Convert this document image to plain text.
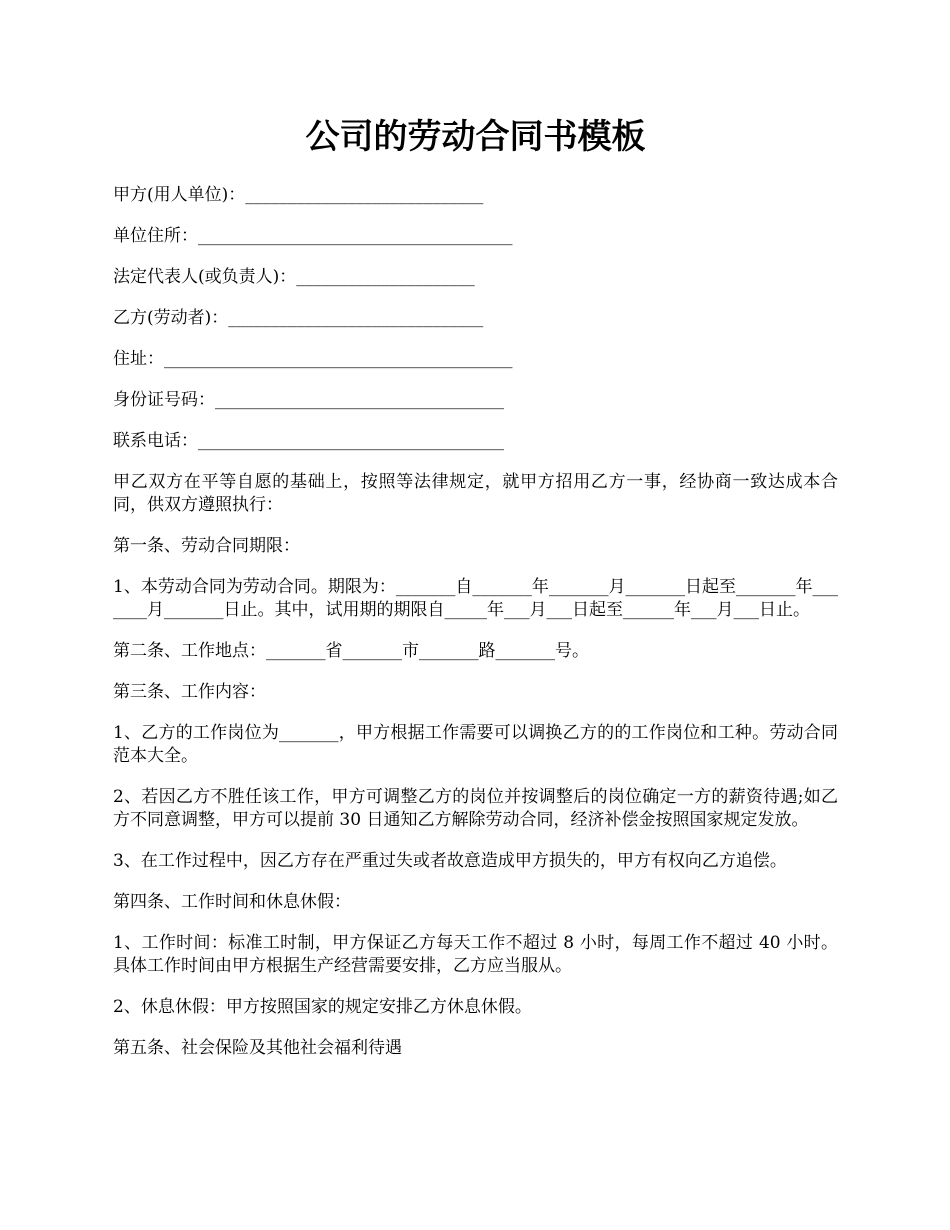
公司的劳动合同书模板
甲方(用人单位)：____________________________
单位住所：_____________________________________
法定代表人(或负责人)：_____________________
乙方(劳动者)：______________________________
住址：_________________________________________
身份证号码：__________________________________
联系电话：____________________________________

甲乙双方在平等自愿的基础上，按照等法律规定，就甲方招用乙方一事，经协商一致达成本合同，供双方遵照执行：

第一条、劳动合同期限：

1、本劳动合同为劳动合同。期限为：_______自_______年_______月_______日起至_______年_______月_______日止。其中，试用期的期限自_____年___月___日起至______年___月___日止。

第二条、工作地点：_______省_______市_______路_______号。

第三条、工作内容：

1、乙方的工作岗位为_______，甲方根据工作需要可以调换乙方的的工作岗位和工种。劳动合同范本大全。

2、若因乙方不胜任该工作，甲方可调整乙方的岗位并按调整后的岗位确定一方的薪资待遇;如乙方不同意调整，甲方可以提前 30 日通知乙方解除劳动合同，经济补偿金按照国家规定发放。

3、在工作过程中，因乙方存在严重过失或者故意造成甲方损失的，甲方有权向乙方追偿。

第四条、工作时间和休息休假：

1、工作时间：标准工时制，甲方保证乙方每天工作不超过 8 小时，每周工作不超过 40 小时。具体工作时间由甲方根据生产经营需要安排，乙方应当服从。

2、休息休假：甲方按照国家的规定安排乙方休息休假。

第五条、社会保险及其他社会福利待遇
